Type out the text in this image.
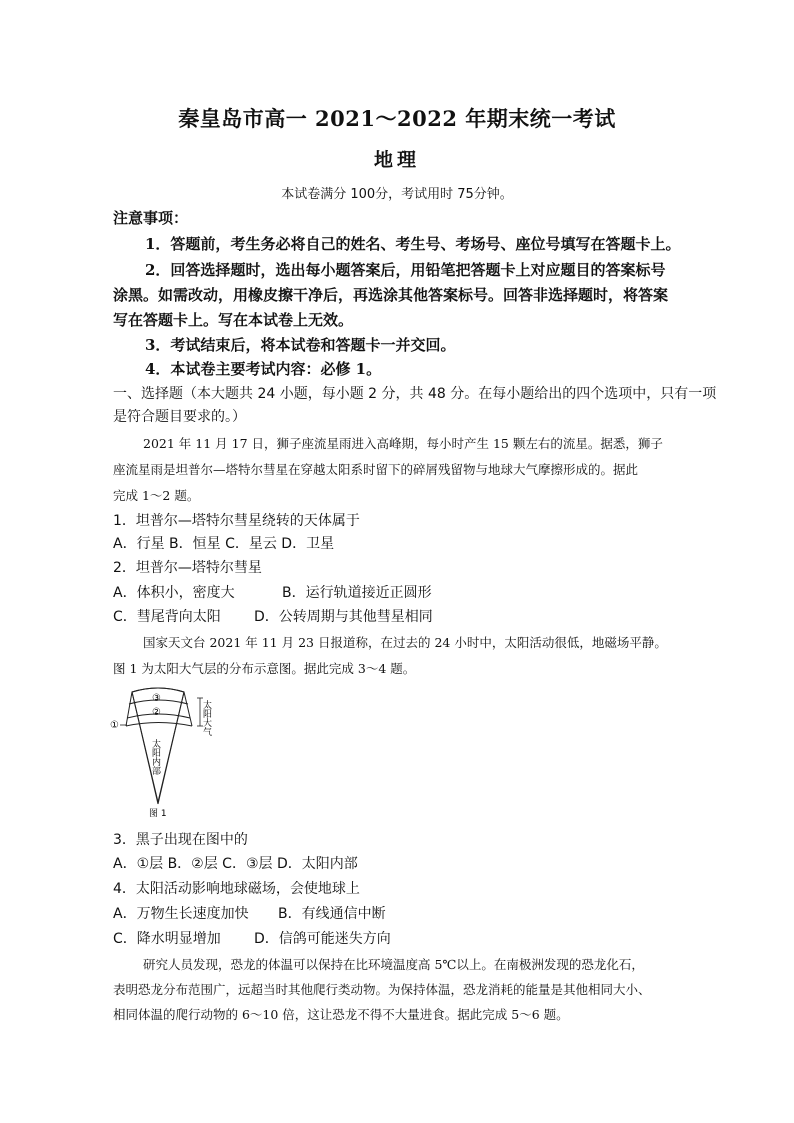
秦皇岛市高一 2021～2022 年期末统一考试
地理
本试卷满分 100分，考试用时 75分钟。
注意事项：
1．答题前，考生务必将自己的姓名、考生号、考场号、座位号填写在答题卡上。
2．回答选择题时，选出每小题答案后，用铅笔把答题卡上对应题目的答案标号
涂黑。如需改动，用橡皮擦干净后，再选涂其他答案标号。回答非选择题时，将答案
写在答题卡上。写在本试卷上无效。
3．考试结束后，将本试卷和答题卡一并交回。
4．本试卷主要考试内容：必修 1。
一、选择题（本大题共 24 小题，每小题 2 分，共 48 分。在每小题给出的四个选项中，只有一项
是符合题目要求的。）
2021 年 11 月 17 日，狮子座流星雨进入高峰期，每小时产生 15 颗左右的流星。据悉，狮子
座流星雨是坦普尔—塔特尔彗星在穿越太阳系时留下的碎屑残留物与地球大气摩擦形成的。据此
完成 1～2 题。
1．坦普尔—塔特尔彗星绕转的天体属于
A．行星 B．恒星 C．星云 D．卫星
2．坦普尔—塔特尔彗星
A．体积小，密度大	B．运行轨道接近正圆形
C．彗尾背向太阳 D．公转周期与其他彗星相同
国家天文台 2021 年 11 月 23 日报道称，在过去的 24 小时中，太阳活动很低，地磁场平静。
图 1 为太阳大气层的分布示意图。据此完成 3～4 题。
③
②
①	太阳大气
太阳内部
图 1
3．黑子出现在图中的
A．①层 B．②层 C．③层 D．太阳内部
4．太阳活动影响地球磁场，会使地球上
A．万物生长速度加快 B．有线通信中断
C．降水明显增加 D．信鸽可能迷失方向
研究人员发现，恐龙的体温可以保持在比环境温度高 5℃以上。在南极洲发现的恐龙化石，
表明恐龙分布范围广，远超当时其他爬行类动物。为保持体温，恐龙消耗的能量是其他相同大小、
相同体温的爬行动物的 6～10 倍，这让恐龙不得不大量进食。据此完成 5～6 题。
